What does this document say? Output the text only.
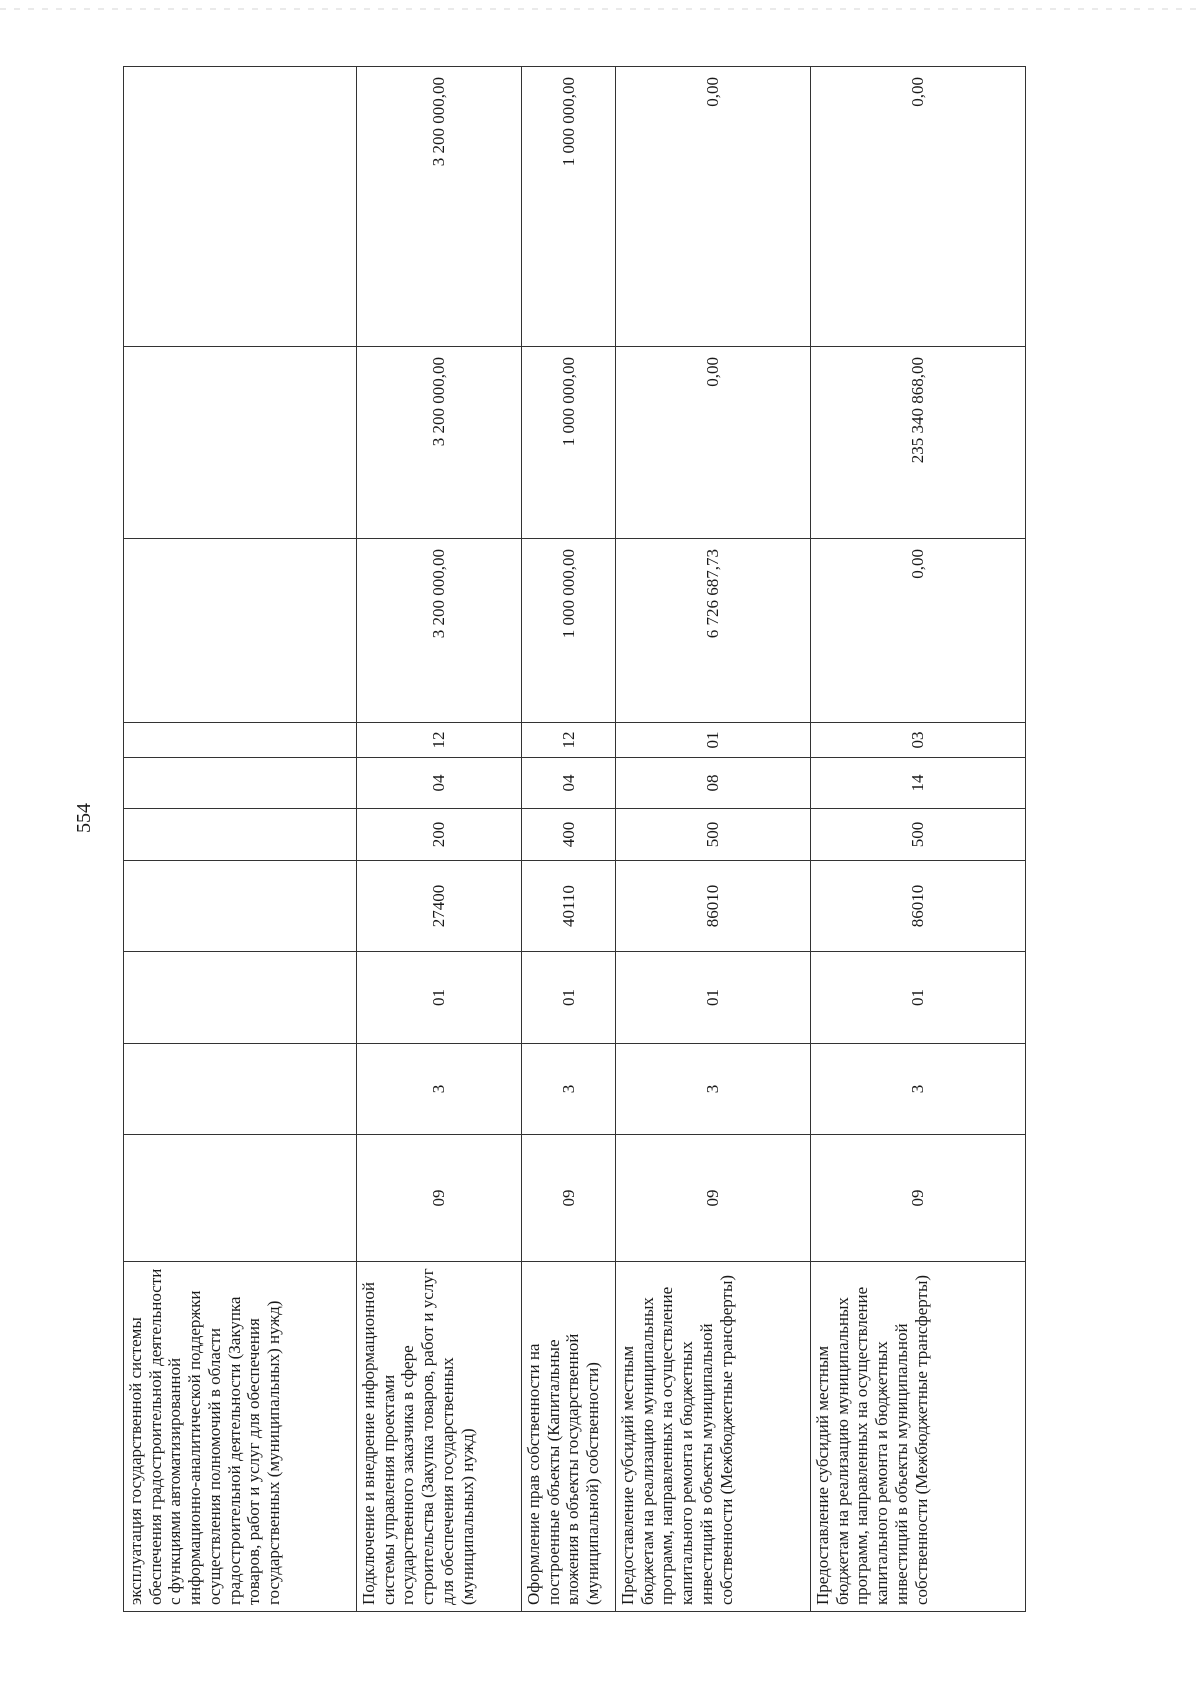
554
эксплуатация государственной системы обеспечения градостроительной деятельности с функциями автоматизированной информационно-аналитической поддержки осуществления полномочий в области градостроительной деятельности (Закупка товаров, работ и услуг для обеспечения государственных (муниципальных) нужд)										
Подключение и внедрение информационной системы управления проектами государственного заказчика в сфере строительства (Закупка товаров, работ и услуг для обеспечения государственных (муниципальных) нужд)	09	3	01	27400	200	04	12	3 200 000,00	3 200 000,00	3 200 000,00
Оформление прав собственности на построенные объекты (Капитальные вложения в объекты государственной (муниципальной) собственности)	09	3	01	40110	400	04	12	1 000 000,00	1 000 000,00	1 000 000,00
Предоставление субсидий местным бюджетам на реализацию муниципальных программ, направленных на осуществление капитального ремонта и бюджетных инвестиций в объекты муниципальной собственности (Межбюджетные трансферты)	09	3	01	86010	500	08	01	6 726 687,73	0,00	0,00
Предоставление субсидий местным бюджетам на реализацию муниципальных программ, направленных на осуществление капитального ремонта и бюджетных инвестиций в объекты муниципальной собственности (Межбюджетные трансферты)	09	3	01	86010	500	14	03	0,00	235 340 868,00	0,00
